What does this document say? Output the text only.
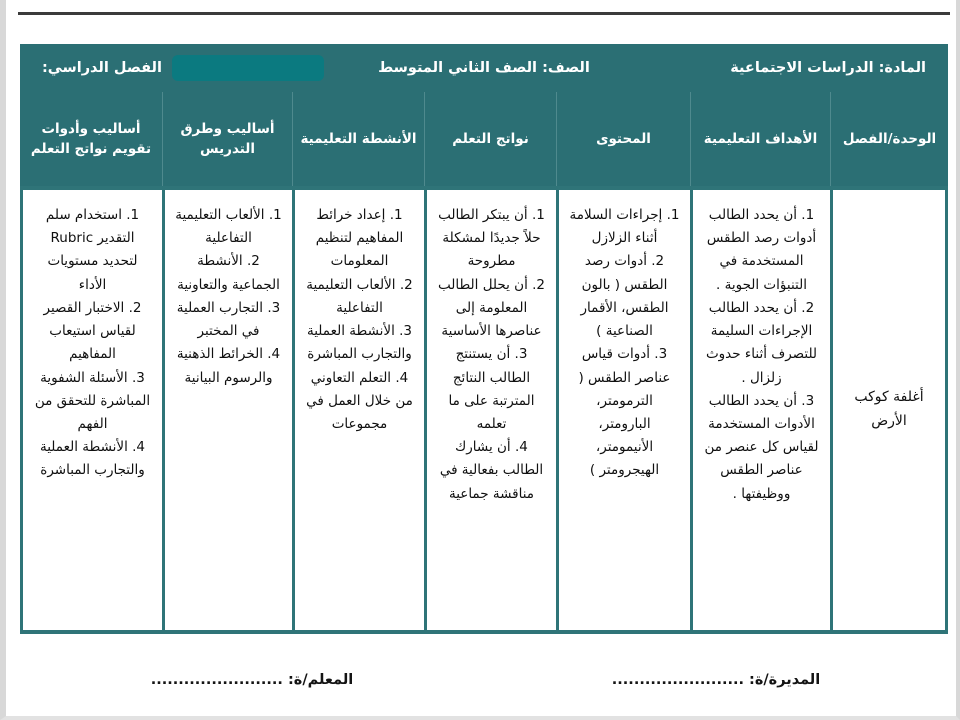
المادة: الدراسات الاجتماعية
الصف: الصف الثاني المتوسط
الفصل الدراسي:
الوحدة/الفصل
الأهداف التعليمية
المحتوى
نواتج التعلم
الأنشطة التعليمية
أساليب وطرق التدريس
أساليب وأدوات تقويم نواتج التعلم
أغلفة كوكب الأرض
1. أن يحدد الطالب أدوات رصد الطقس المستخدمة في التنبؤات الجوية .
2. أن يحدد الطالب الإجراءات السليمة للتصرف أثناء حدوث زلزال .
3. أن يحدد الطالب الأدوات المستخدمة لقياس كل عنصر من عناصر الطقس ووظيفتها .
1. إجراءات السلامة أثناء الزلازل
2. أدوات رصد الطقس ( بالون الطقس، الأقمار الصناعية )
3. أدوات قياس عناصر الطقس ( الترمومتر، البارومتر، الأنيمومتر، الهيجرومتر )
1. أن يبتكر الطالب حلاً جديدًا لمشكلة مطروحة
2. أن يحلل الطالب المعلومة إلى عناصرها الأساسية
3. أن يستنتج الطالب النتائج المترتبة على ما تعلمه
4. أن يشارك الطالب بفعالية في مناقشة جماعية
1. إعداد خرائط المفاهيم لتنظيم المعلومات
2. الألعاب التعليمية التفاعلية
3. الأنشطة العملية والتجارب المباشرة
4. التعلم التعاوني من خلال العمل في مجموعات
1. الألعاب التعليمية التفاعلية
2. الأنشطة الجماعية والتعاونية
3. التجارب العملية في المختبر
4. الخرائط الذهنية والرسوم البيانية
1. استخدام سلم التقدير Rubric لتحديد مستويات الأداء
2. الاختبار القصير لقياس استيعاب المفاهيم
3. الأسئلة الشفوية المباشرة للتحقق من الفهم
4. الأنشطة العملية والتجارب المباشرة
المديرة/ة: ........................
المعلم/ة: ........................
